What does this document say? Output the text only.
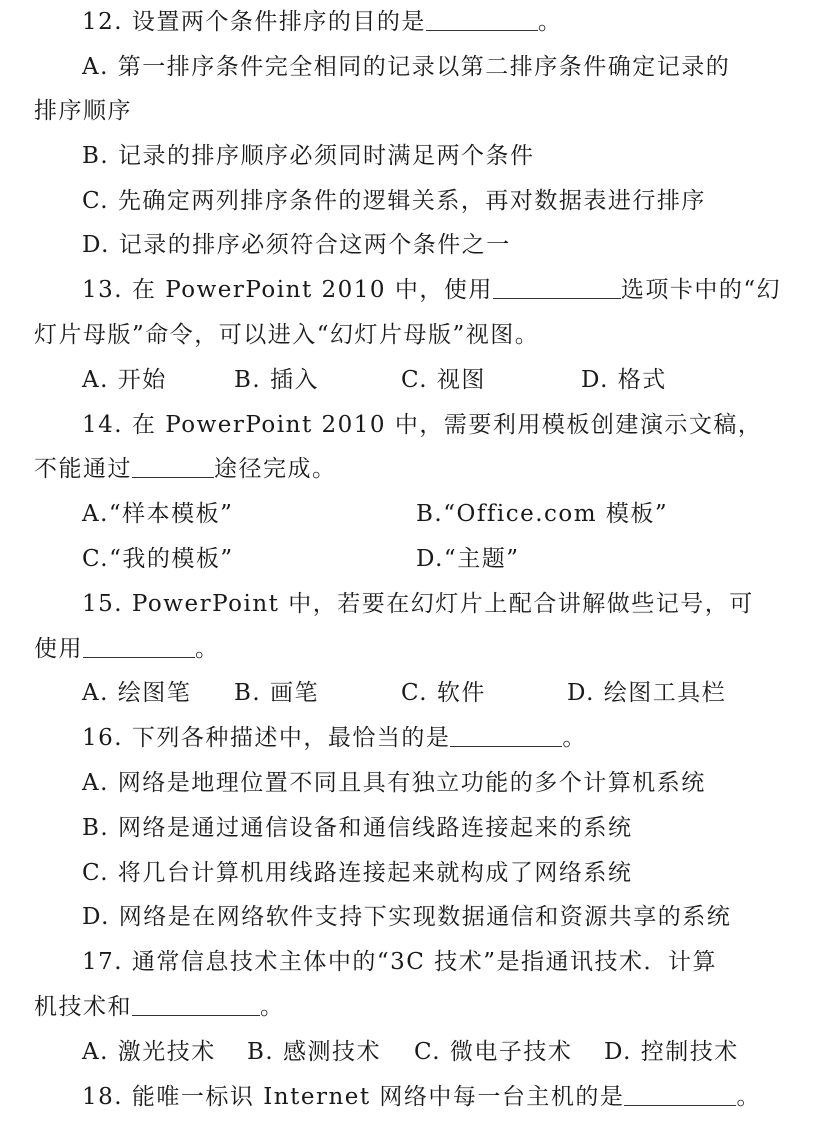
12. 设置两个条件排序的目的是	。
A. 第一排序条件完全相同的记录以第二排序条件确定记录的
排序顺序
B. 记录的排序顺序必须同时满足两个条件
C. 先确定两列排序条件的逻辑关系，再对数据表进行排序
D. 记录的排序必须符合这两个条件之一
13. 在 PowerPoint 2010 中，使用	选项卡中的“幻
灯片母版”命令，可以进入“幻灯片母版”视图。
A. 开始	B. 插入	C. 视图	D. 格式
14. 在 PowerPoint 2010 中，需要利用模板创建演示文稿，
不能通过	途径完成。
A.“样本模板”	B.“Office.com 模板”
C.“我的模板”	D.“主题”
15. PowerPoint 中，若要在幻灯片上配合讲解做些记号，可
使用	。
A. 绘图笔 B. 画笔	C. 软件	D. 绘图工具栏
16. 下列各种描述中，最恰当的是	。
A. 网络是地理位置不同且具有独立功能的多个计算机系统
B. 网络是通过通信设备和通信线路连接起来的系统
C. 将几台计算机用线路连接起来就构成了网络系统
D. 网络是在网络软件支持下实现数据通信和资源共享的系统
17. 通常信息技术主体中的“3C 技术”是指通讯技术．计算
机技术和	。
A. 激光技术 B. 感测技术 C. 微电子技术 D. 控制技术
18. 能唯一标识 Internet 网络中每一台主机的是	。
